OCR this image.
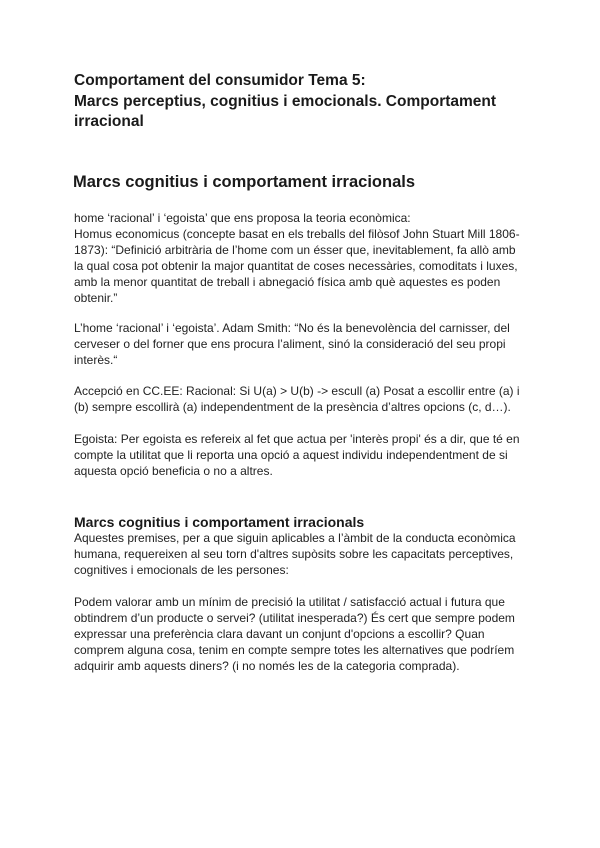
Comportament del consumidor Tema 5:
Marcs perceptius, cognitius i emocionals. Comportament
irracional
Marcs cognitius i comportament irracionals
home ‘racional’ i ‘egoista’ que ens proposa la teoria econòmica:
Homus economicus (concepte basat en els treballs del filòsof John Stuart Mill 1806-
1873): “Definició arbitrària de l’home com un ésser que, inevitablement, fa allò amb
la qual cosa pot obtenir la major quantitat de coses necessàries, comoditats i luxes,
amb la menor quantitat de treball i abnegació física amb què aquestes es poden
obtenir.”
L’home ‘racional’ i ‘egoista’. Adam Smith: “No és la benevolència del carnisser, del
cerveser o del forner que ens procura l’aliment, sinó la consideració del seu propi
interès.“
Accepció en CC.EE: Racional: Si U(a) > U(b) -> escull (a) Posat a escollir entre (a) i
(b) sempre escollirà (a) independentment de la presència d’altres opcions (c, d…).
Egoista: Per egoista es refereix al fet que actua per 'interès propi' és a dir, que té en
compte la utilitat que li reporta una opció a aquest individu independentment de si
aquesta opció beneficia o no a altres.
Marcs cognitius i comportament irracionals
Aquestes premises, per a que siguin aplicables a l’àmbit de la conducta econòmica
humana, requereixen al seu torn d'altres supòsits sobre les capacitats perceptives,
cognitives i emocionals de les persones:
Podem valorar amb un mínim de precisió la utilitat / satisfacció actual i futura que
obtindrem d’un producte o servei? (utilitat inesperada?) És cert que sempre podem
expressar una preferència clara davant un conjunt d'opcions a escollir? Quan
comprem alguna cosa, tenim en compte sempre totes les alternatives que podríem
adquirir amb aquests diners? (i no només les de la categoria comprada).
